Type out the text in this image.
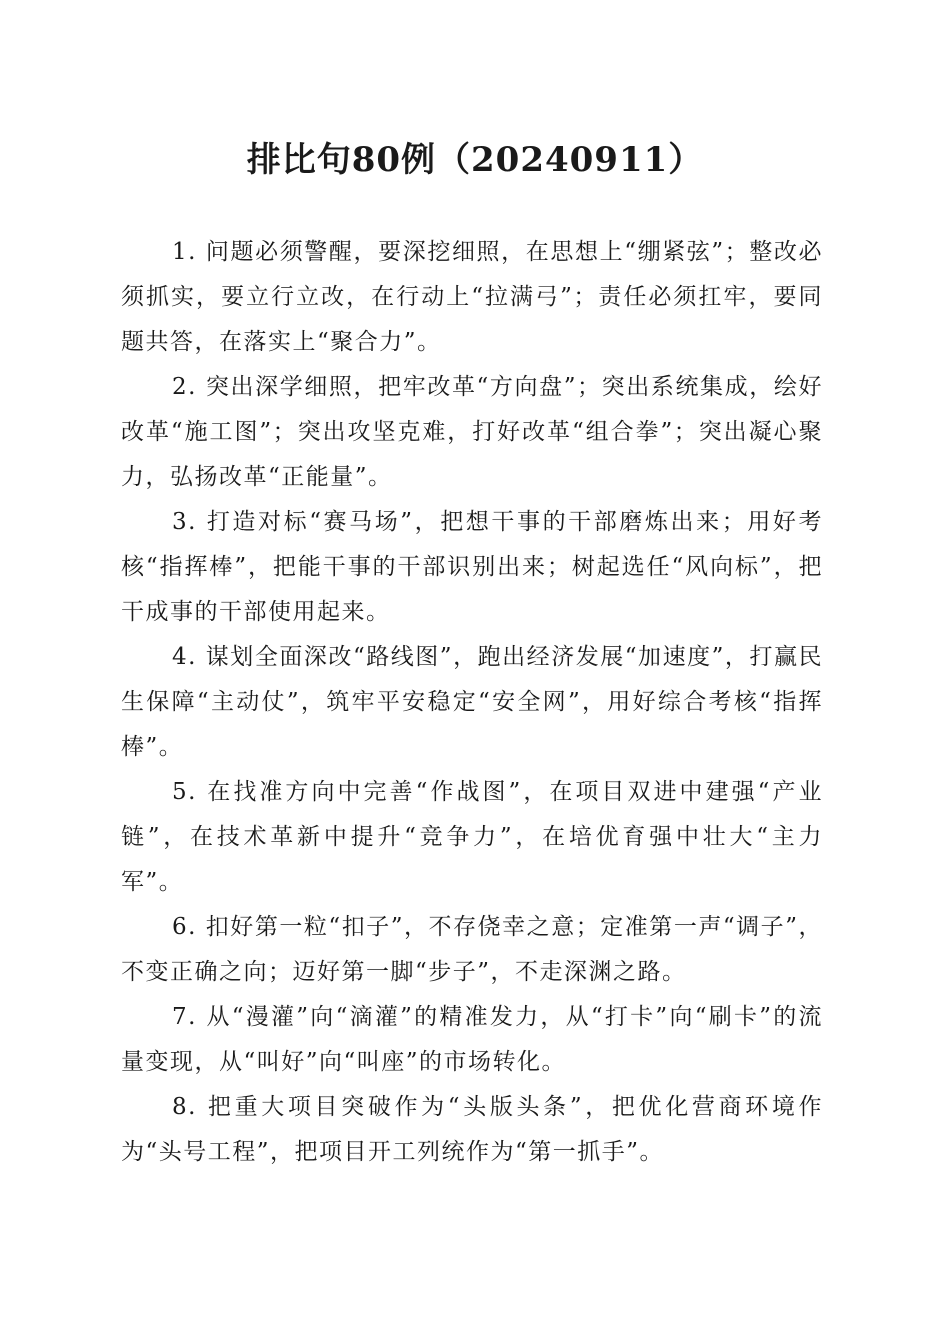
排比句80例（20240911）

1. 问题必须警醒，要深挖细照，在思想上“绷紧弦”；整改必须抓实，要立行立改，在行动上“拉满弓”；责任必须扛牢，要同题共答，在落实上“聚合力”。

2. 突出深学细照，把牢改革“方向盘”；突出系统集成，绘好改革“施工图”；突出攻坚克难，打好改革“组合拳”；突出凝心聚力，弘扬改革“正能量”。

3. 打造对标“赛马场”，把想干事的干部磨炼出来；用好考核“指挥棒”，把能干事的干部识别出来；树起选任“风向标”，把干成事的干部使用起来。

4. 谋划全面深改“路线图”，跑出经济发展“加速度”，打赢民生保障“主动仗”，筑牢平安稳定“安全网”，用好综合考核“指挥棒”。

5. 在找准方向中完善“作战图”，在项目双进中建强“产业链”，在技术革新中提升“竞争力”，在培优育强中壮大“主力军”。

6. 扣好第一粒“扣子”，不存侥幸之意；定准第一声“调子”，不变正确之向；迈好第一脚“步子”，不走深渊之路。

7. 从“漫灌”向“滴灌”的精准发力，从“打卡”向“刷卡”的流量变现，从“叫好”向“叫座”的市场转化。

8. 把重大项目突破作为“头版头条”，把优化营商环境作为“头号工程”，把项目开工列统作为“第一抓手”。
